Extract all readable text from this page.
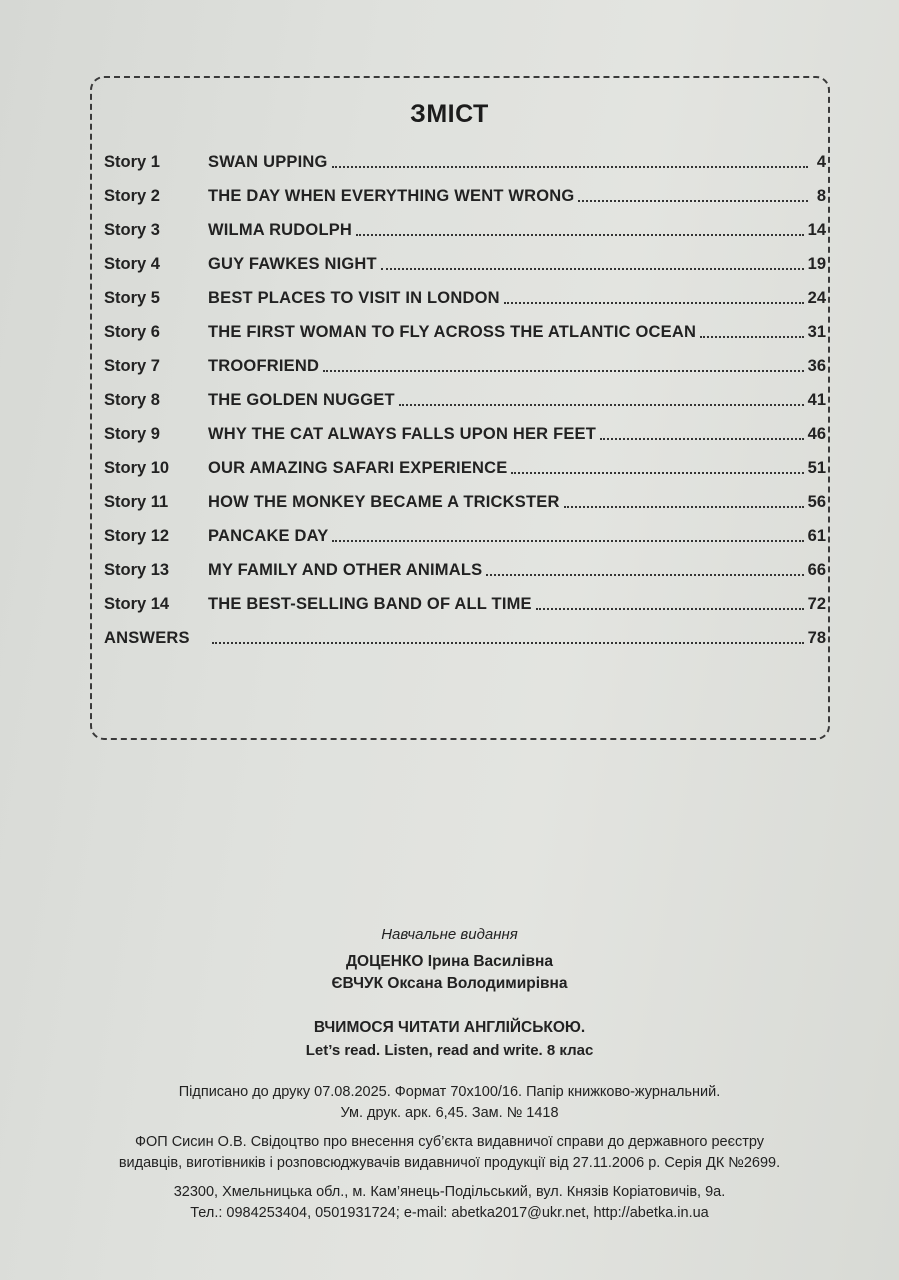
ЗМІСТ
Story 1	SWAN UPPING	4
Story 2	THE DAY WHEN EVERYTHING WENT WRONG	8
Story 3	WILMA RUDOLPH	14
Story 4	GUY FAWKES NIGHT	19
Story 5	BEST PLACES TO VISIT IN LONDON	24
Story 6	THE FIRST WOMAN TO FLY ACROSS THE ATLANTIC OCEAN	31
Story 7	TROOFRIEND	36
Story 8	THE GOLDEN NUGGET	41
Story 9	WHY THE CAT ALWAYS FALLS UPON HER FEET	46
Story 10	OUR AMAZING SAFARI EXPERIENCE	51
Story 11	HOW THE MONKEY BECAME A TRICKSTER	56
Story 12	PANCAKE DAY	61
Story 13	MY FAMILY AND OTHER ANIMALS	66
Story 14	THE BEST-SELLING BAND OF ALL TIME	72
ANSWERS	78
Навчальне видання
ДОЦЕНКО Ірина Василівна
ЄВЧУК Оксана Володимирівна
ВЧИМОСЯ ЧИТАТИ АНГЛІЙСЬКОЮ.
Let’s read. Listen, read and write. 8 клас
Підписано до друку 07.08.2025. Формат 70х100/16. Папір книжково-журнальний.
Ум. друк. арк. 6,45. Зам. № 1418
ФОП Сисин О.В. Свідоцтво про внесення суб’єкта видавничої справи до державного реєстру
видавців, виготівників і розповсюджувачів видавничої продукції від 27.11.2006 р. Серія ДК №2699.
32300, Хмельницька обл., м. Кам’янець-Подільський, вул. Князів Коріатовичів, 9а.
Тел.: 0984253404, 0501931724; e-mail: abetka2017@ukr.net, http://abetka.in.ua
